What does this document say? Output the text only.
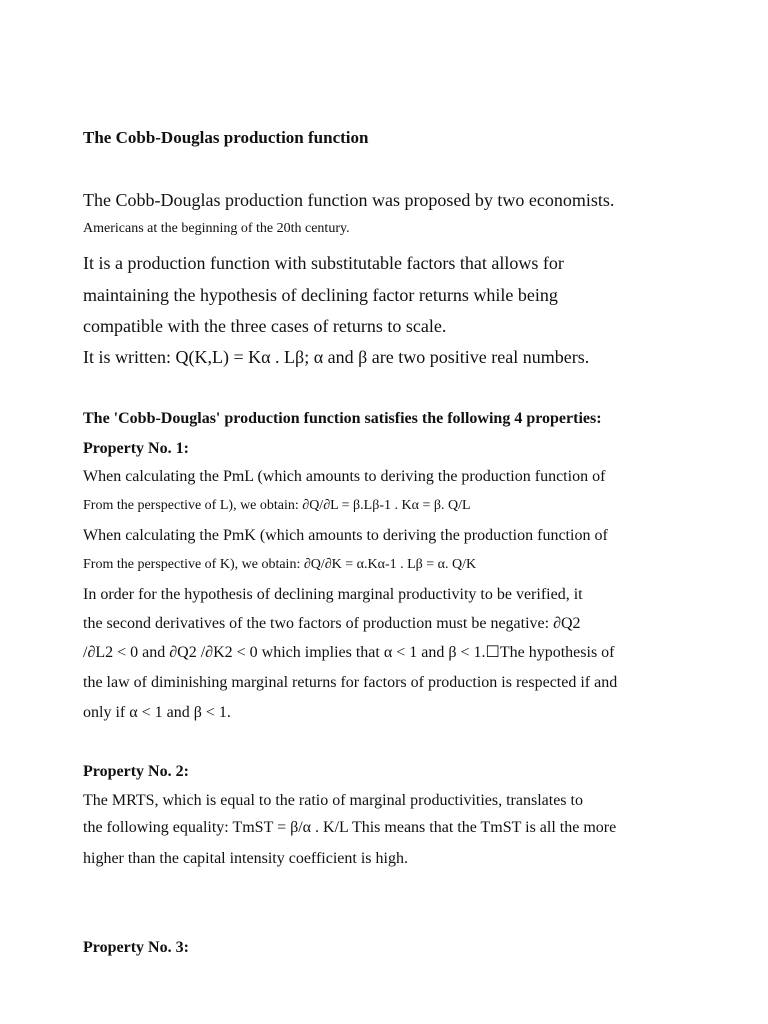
The Cobb-Douglas production function

The Cobb-Douglas production function was proposed by two economists.

Americans at the beginning of the 20th century.

It is a production function with substitutable factors that allows for

maintaining the hypothesis of declining factor returns while being

compatible with the three cases of returns to scale.

It is written: Q(K,L) = Kα . Lβ; α and β are two positive real numbers.

The 'Cobb-Douglas' production function satisfies the following 4 properties:

Property No. 1:

When calculating the PmL (which amounts to deriving the production function of

From the perspective of L), we obtain: ∂Q/∂L = β.Lβ-1 . Kα = β. Q/L

When calculating the PmK (which amounts to deriving the production function of

From the perspective of K), we obtain: ∂Q/∂K = α.Kα-1 . Lβ = α. Q/K

In order for the hypothesis of declining marginal productivity to be verified, it

the second derivatives of the two factors of production must be negative: ∂Q2

/∂L2 < 0 and ∂Q2 /∂K2 < 0 which implies that α < 1 and β < 1.☐The hypothesis of

the law of diminishing marginal returns for factors of production is respected if and

only if α < 1 and β < 1.

Property No. 2:

The MRTS, which is equal to the ratio of marginal productivities, translates to

the following equality: TmST = β/α . K/L This means that the TmST is all the more

higher than the capital intensity coefficient is high.

Property No. 3:
